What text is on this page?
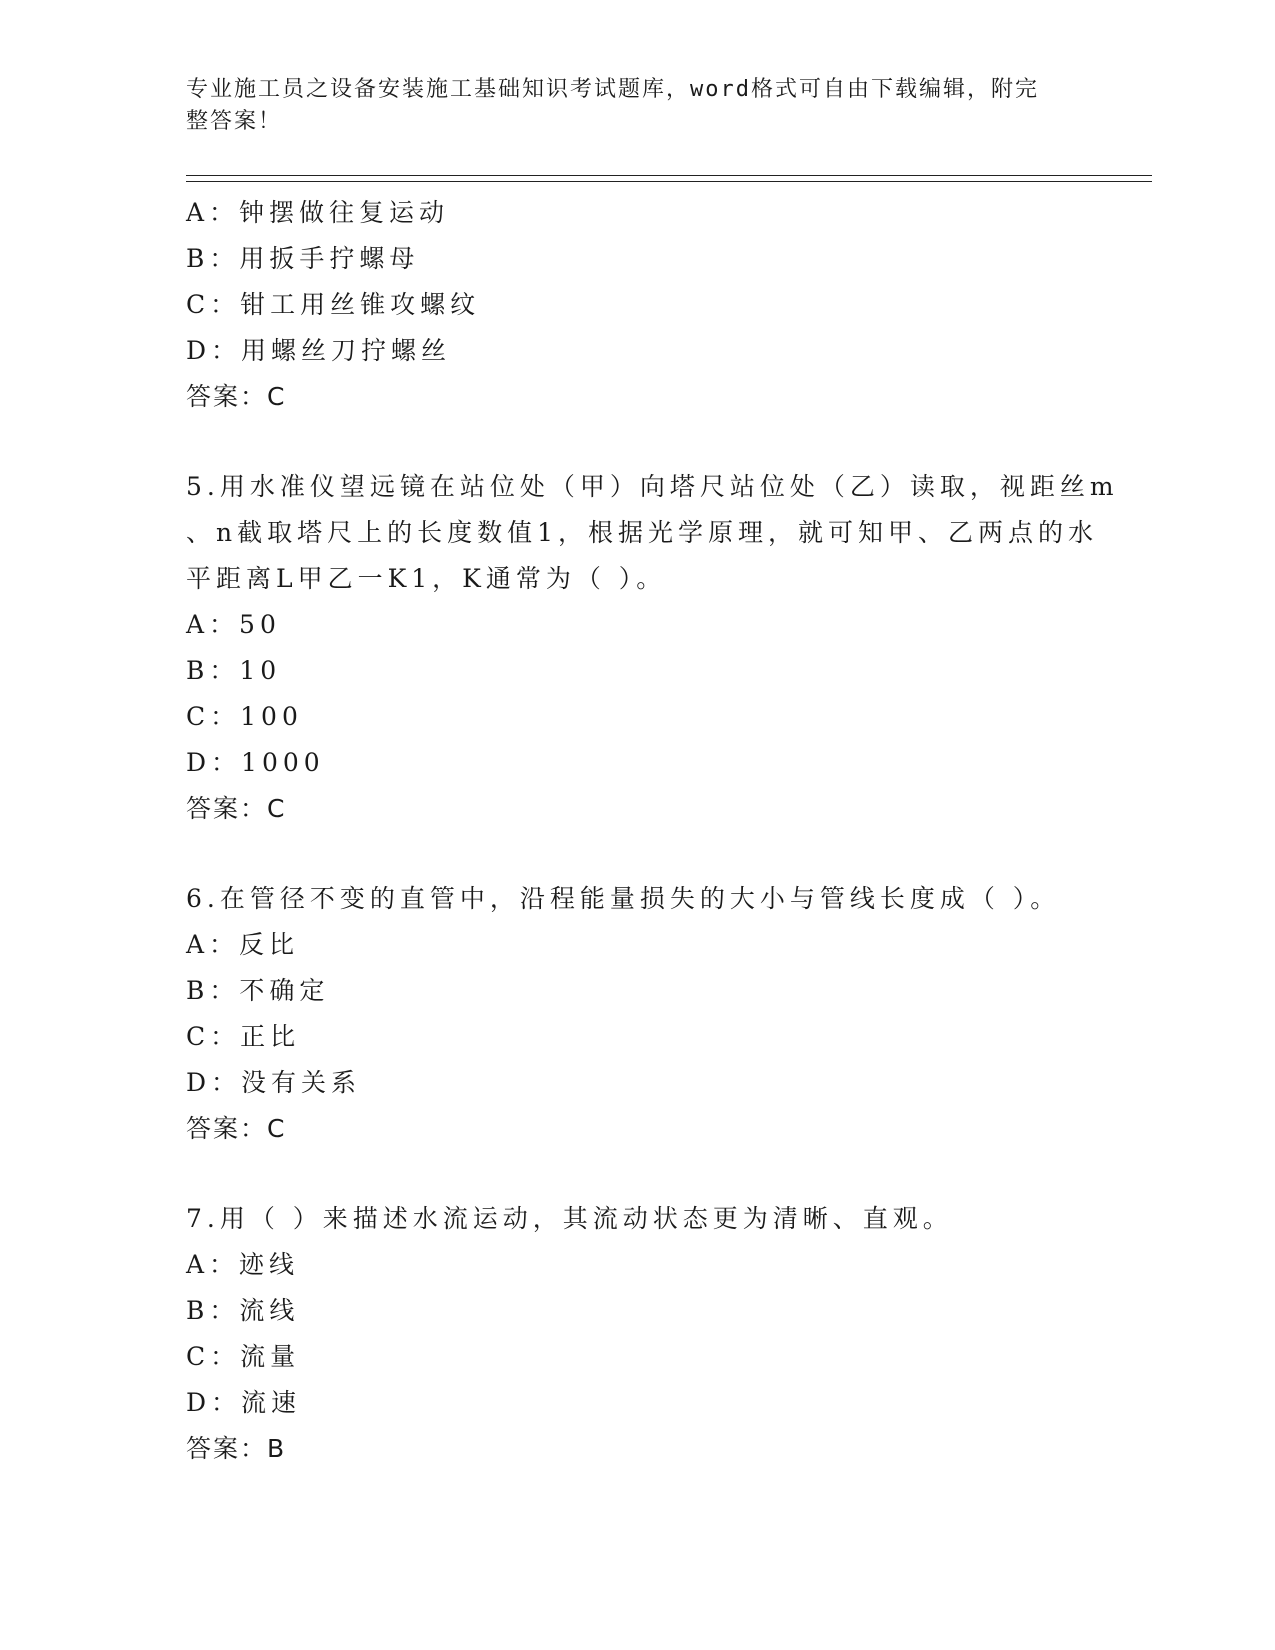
专业施工员之设备安装施工基础知识考试题库，word格式可自由下载编辑，附完
整答案！
A：钟摆做往复运动
B：用扳手拧螺母
C：钳工用丝锥攻螺纹
D：用螺丝刀拧螺丝
答案：C
5.用水准仪望远镜在站位处（甲）向塔尺站位处（乙）读取，视距丝m
、n截取塔尺上的长度数值1，根据光学原理，就可知甲、乙两点的水
平距离L甲乙一K1，K通常为（ ）。
A：50
B：10
C：100
D：1000
答案：C
6.在管径不变的直管中，沿程能量损失的大小与管线长度成（ ）。
A：反比
B：不确定
C：正比
D：没有关系
答案：C
7.用（ ）来描述水流运动，其流动状态更为清晰、直观。
A：迹线
B：流线
C：流量
D：流速
答案：B
